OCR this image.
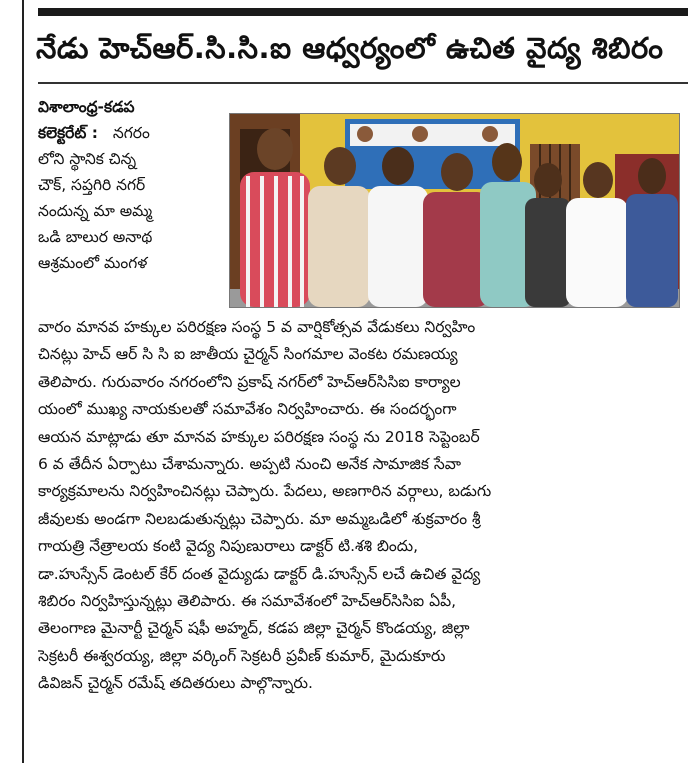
నేడు హెచ్ఆర్.సి.సి.ఐ ఆధ్వర్యంలో ఉచిత వైద్య శిబిరం
విశాలాంధ్ర-కడప
కలెక్టరేట్ : నగరం
లోని స్థానిక చిన్న
చౌక్, సప్తగిరి నగర్
నందున్న మా అమ్మ
ఒడి బాలుర అనాథ
ఆశ్రమంలో మంగళ
వారం మానవ హక్కుల పరిరక్షణ సంస్థ 5 వ వార్షికోత్సవ వేడుకలు నిర్వహిం
చినట్లు హెచ్ ఆర్ సి సి ఐ జాతీయ చైర్మన్ సింగమాల వెంకట రమణయ్య
తెలిపారు. గురువారం నగరంలోని ప్రకాష్ నగర్‌లో హెచ్ఆర్‌సిసిఐ కార్యాల
యంలో ముఖ్య నాయకులతో సమావేశం నిర్వహించారు. ఈ సందర్భంగా
ఆయన మాట్లాడు తూ మానవ హక్కుల పరిరక్షణ సంస్థ ను 2018 సెప్టెంబర్
6 వ తేదీన ఏర్పాటు చేశామన్నారు. అప్పటి నుంచి అనేక సామాజిక సేవా
కార్యక్రమాలను నిర్వహించినట్లు చెప్పారు. పేదలు, అణగారిన వర్గాలు, బడుగు
జీవులకు అండగా నిలబడుతున్నట్లు చెప్పారు. మా అమ్మఒడిలో శుక్రవారం శ్రీ
గాయత్రి నేత్రాలయ కంటి వైద్య నిపుణురాలు డాక్టర్ టి.శశి బిందు,
డా.హుస్సేన్ డెంటల్ కేర్ దంత వైద్యుడు డాక్టర్ డి.హుస్సేన్ లచే ఉచిత వైద్య
శిబిరం నిర్వహిస్తున్నట్లు తెలిపారు. ఈ సమావేశంలో హెచ్ఆర్‌సిసిఐ ఏపీ,
తెలంగాణ మైనార్టీ చైర్మన్ షఫీ అహ్మద్, కడప జిల్లా చైర్మన్ కొండయ్య, జిల్లా
సెక్రటరీ ఈశ్వరయ్య, జిల్లా వర్కింగ్ సెక్రటరీ ప్రవీణ్ కుమార్, మైదుకూరు
డివిజన్ చైర్మన్ రమేష్ తదితరులు పాల్గొన్నారు.
